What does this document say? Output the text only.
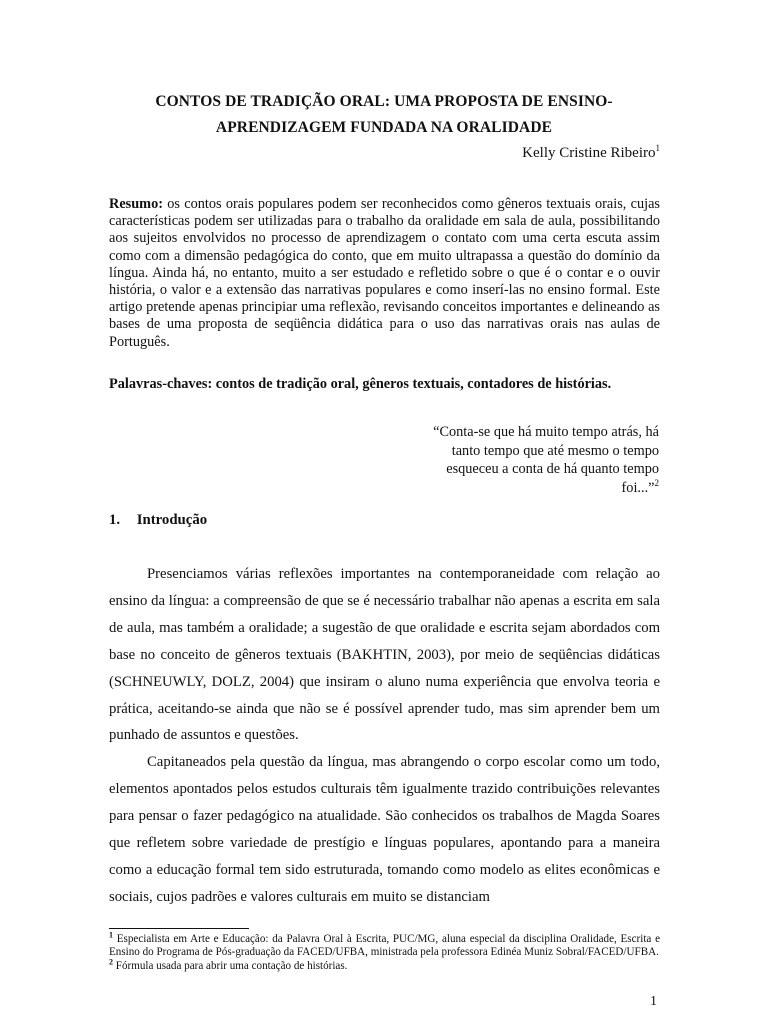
CONTOS DE TRADIÇÃO ORAL: UMA PROPOSTA DE ENSINO-
APRENDIZAGEM FUNDADA NA ORALIDADE
Kelly Cristine Ribeiro$^1$
Resumo: os contos orais populares podem ser reconhecidos como gêneros textuais orais, cujas características podem ser utilizadas para o trabalho da oralidade em sala de aula, possibilitando aos sujeitos envolvidos no processo de aprendizagem o contato com uma certa escuta assim como com a dimensão pedagógica do conto, que em muito ultrapassa a questão do domínio da língua. Ainda há, no entanto, muito a ser estudado e refletido sobre o que é o contar e o ouvir história, o valor e a extensão das narrativas populares e como inserí-las no ensino formal. Este artigo pretende apenas principiar uma reflexão, revisando conceitos importantes e delineando as bases de uma proposta de seqüência didática para o uso das narrativas orais nas aulas de Português.
Palavras-chaves: contos de tradição oral, gêneros textuais, contadores de histórias.
“Conta-se que há muito tempo atrás, há
tanto tempo que até mesmo o tempo
esqueceu a conta de há quanto tempo
foi...”$^2$
1. Introdução

Presenciamos várias reflexões importantes na contemporaneidade com relação ao ensino da língua: a compreensão de que se é necessário trabalhar não apenas a escrita em sala de aula, mas também a oralidade; a sugestão de que oralidade e escrita sejam abordados com base no conceito de gêneros textuais (BAKHTIN, 2003), por meio de seqüências didáticas (SCHNEUWLY, DOLZ, 2004) que insiram o aluno numa experiência que envolva teoria e prática, aceitando-se ainda que não se é possível aprender tudo, mas sim aprender bem um punhado de assuntos e questões.

Capitaneados pela questão da língua, mas abrangendo o corpo escolar como um todo, elementos apontados pelos estudos culturais têm igualmente trazido contribuições relevantes para pensar o fazer pedagógico na atualidade. São conhecidos os trabalhos de Magda Soares que refletem sobre variedade de prestígio e línguas populares, apontando para a maneira como a educação formal tem sido estruturada, tomando como modelo as elites econômicas e sociais, cujos padrões e valores culturais em muito se distanciam

$^1$ Especialista em Arte e Educação: da Palavra Oral à Escrita, PUC/MG, aluna especial da disciplina Oralidade, Escrita e Ensino do Programa de Pós-graduação da FACED/UFBA, ministrada pela professora Edinéa Muniz Sobral/FACED/UFBA.

$^2$ Fórmula usada para abrir uma contação de histórias.

1
